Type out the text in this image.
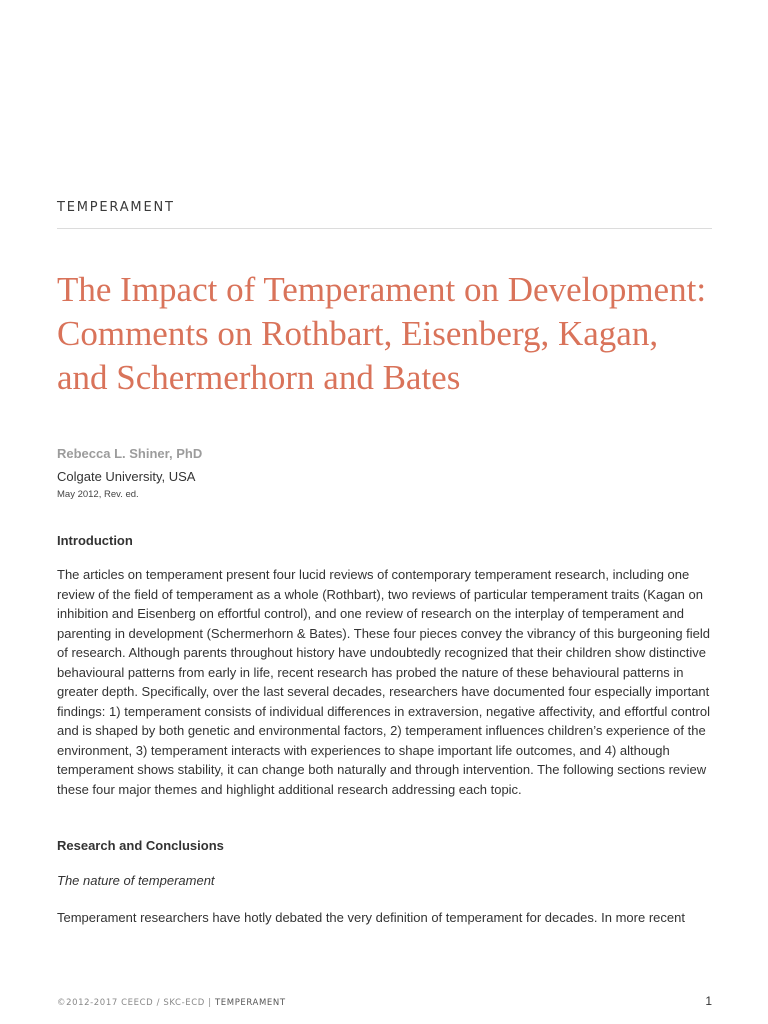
TEMPERAMENT

The Impact of Temperament on Development: Comments on Rothbart, Eisenberg, Kagan, and Schermerhorn and Bates

Rebecca L. Shiner, PhD

Colgate University, USA

May 2012, Rev. ed.

Introduction

The articles on temperament present four lucid reviews of contemporary temperament research, including one review of the field of temperament as a whole (Rothbart), two reviews of particular temperament traits (Kagan on inhibition and Eisenberg on effortful control), and one review of research on the interplay of temperament and parenting in development (Schermerhorn & Bates). These four pieces convey the vibrancy of this burgeoning field of research. Although parents throughout history have undoubtedly recognized that their children show distinctive behavioural patterns from early in life, recent research has probed the nature of these behavioural patterns in greater depth. Specifically, over the last several decades, researchers have documented four especially important findings: 1) temperament consists of individual differences in extraversion, negative affectivity, and effortful control and is shaped by both genetic and environmental factors, 2) temperament influences children’s experience of the environment, 3) temperament interacts with experiences to shape important life outcomes, and 4) although temperament shows stability, it can change both naturally and through intervention. The following sections review these four major themes and highlight additional research addressing each topic.

Research and Conclusions

The nature of temperament

Temperament researchers have hotly debated the very definition of temperament for decades. In more recent

©2012-2017 CEECD / SKC-ECD | TEMPERAMENT	1
